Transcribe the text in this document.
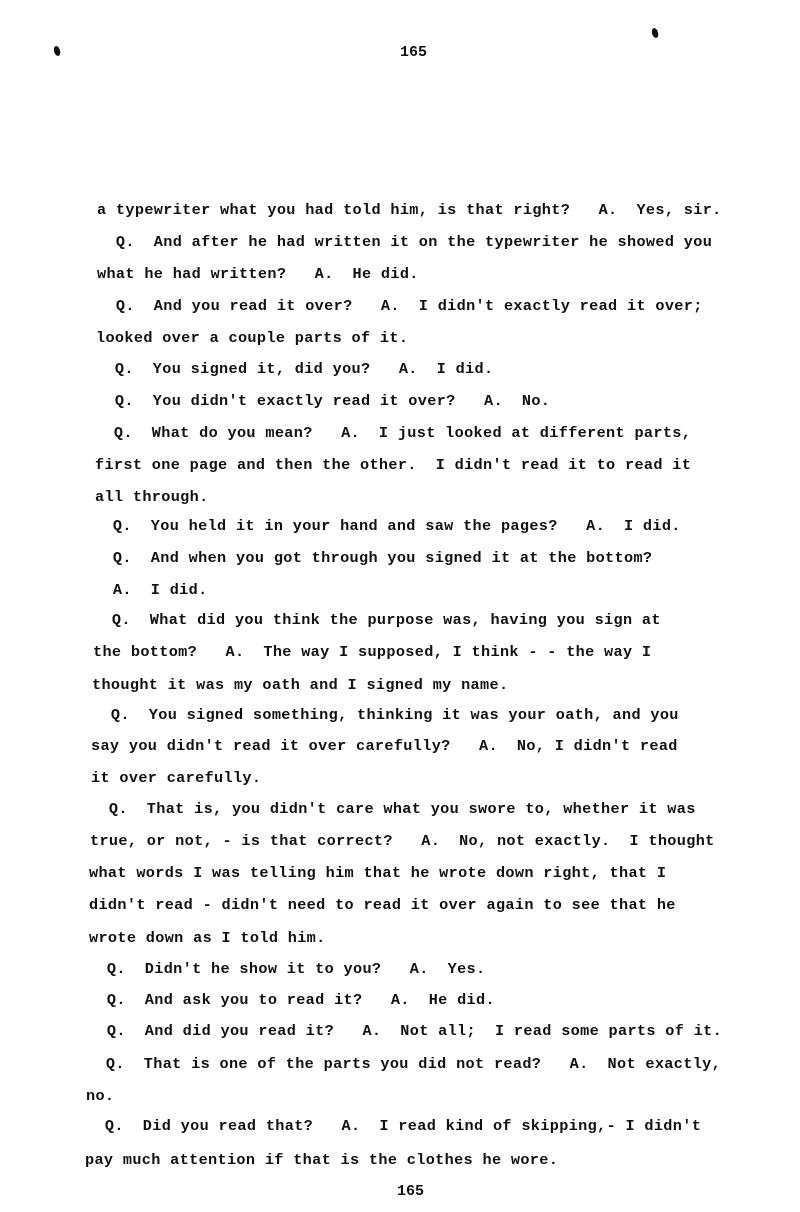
165
a typewriter what you had told him, is that right?   A.  Yes, sir.
Q.  And after he had written it on the typewriter he showed you
what he had written?   A.  He did.
Q.  And you read it over?   A.  I didn't exactly read it over;
looked over a couple parts of it.
Q.  You signed it, did you?   A.  I did.
Q.  You didn't exactly read it over?   A.  No.
Q.  What do you mean?   A.  I just looked at different parts,
first one page and then the other.  I didn't read it to read it
all through.
Q.  You held it in your hand and saw the pages?   A.  I did.
Q.  And when you got through you signed it at the bottom?
A.  I did.
Q.  What did you think the purpose was, having you sign at
the bottom?   A.  The way I supposed, I think - - the way I
thought it was my oath and I signed my name.
Q.  You signed something, thinking it was your oath, and you
say you didn't read it over carefully?   A.  No, I didn't read
it over carefully.
Q.  That is, you didn't care what you swore to, whether it was
true, or not, - is that correct?   A.  No, not exactly.  I thought
what words I was telling him that he wrote down right, that I
didn't read - didn't need to read it over again to see that he
wrote down as I told him.
Q.  Didn't he show it to you?   A.  Yes.
Q.  And ask you to read it?   A.  He did.
Q.  And did you read it?   A.  Not all;  I read some parts of it.
Q.  That is one of the parts you did not read?   A.  Not exactly,
no.
Q.  Did you read that?   A.  I read kind of skipping,- I didn't
pay much attention if that is the clothes he wore.
165
